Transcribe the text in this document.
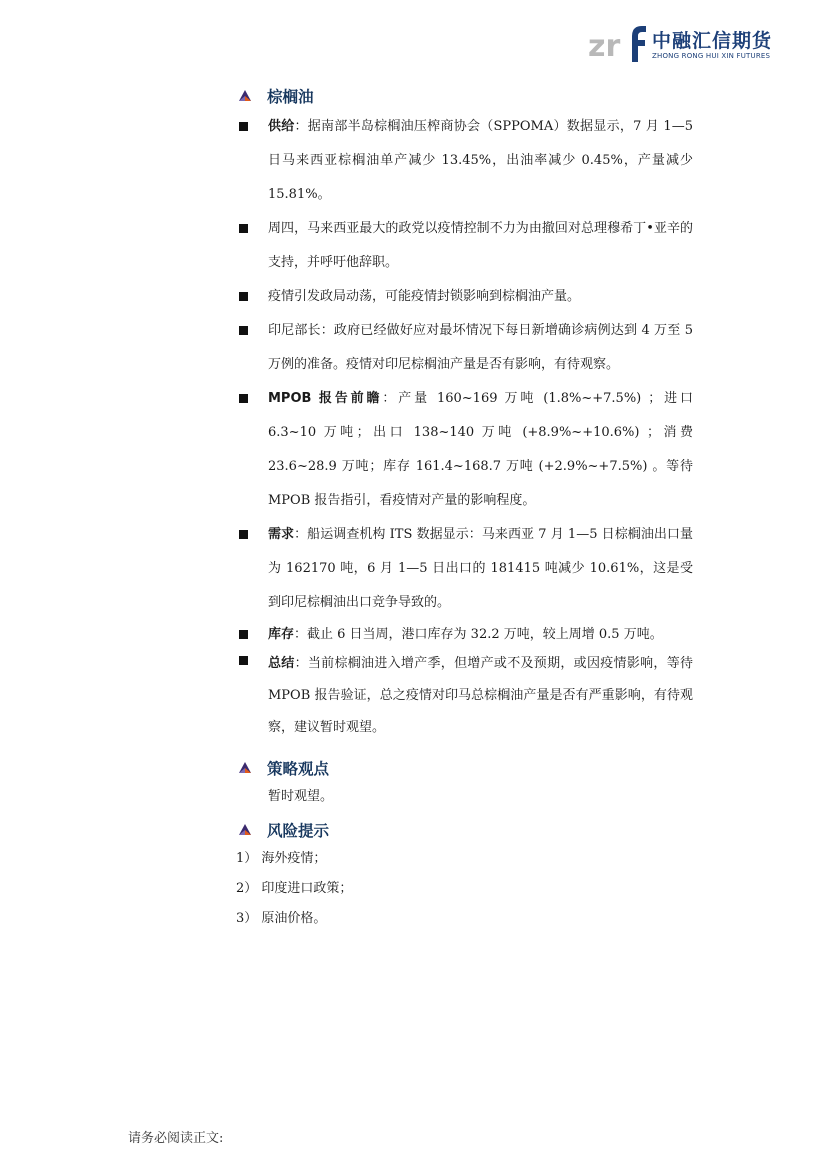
zr 中融汇信期货
ZHONG RONG HUI XIN FUTURES
棕榈油
供给：据南部半岛棕榈油压榨商协会（SPPOMA）数据显示，7 月 1—5 日马来西亚棕榈油单产减少 13.45%，出油率减少 0.45%，产量减少 15.81%。
周四，马来西亚最大的政党以疫情控制不力为由撤回对总理穆希丁•亚辛的支持，并呼吁他辞职。
疫情引发政局动荡，可能疫情封锁影响到棕榈油产量。
印尼部长：政府已经做好应对最坏情况下每日新增确诊病例达到 4 万至 5 万例的准备。疫情对印尼棕榈油产量是否有影响，有待观察。
MPOB 报告前瞻：产量 160~169 万吨 (1.8%~+7.5%) ；进口 6.3~10 万吨；出口 138~140 万吨 (+8.9%~+10.6%) ；消费 23.6~28.9 万吨；库存 161.4~168.7 万吨 (+2.9%~+7.5%) 。等待 MPOB 报告指引，看疫情对产量的影响程度。
需求：船运调查机构 ITS 数据显示：马来西亚 7 月 1—5 日棕榈油出口量为 162170 吨，6 月 1—5 日出口的 181415 吨减少 10.61%，这是受到印尼棕榈油出口竞争导致的。
库存：截止 6 日当周，港口库存为 32.2 万吨，较上周增 0.5 万吨。
总结：当前棕榈油进入增产季，但增产或不及预期，或因疫情影响，等待 MPOB 报告验证，总之疫情对印马总棕榈油产量是否有严重影响，有待观察，建议暂时观望。
策略观点
暂时观望。
风险提示
1） 海外疫情；
2） 印度进口政策；
3） 原油价格。
请务必阅读正文:
